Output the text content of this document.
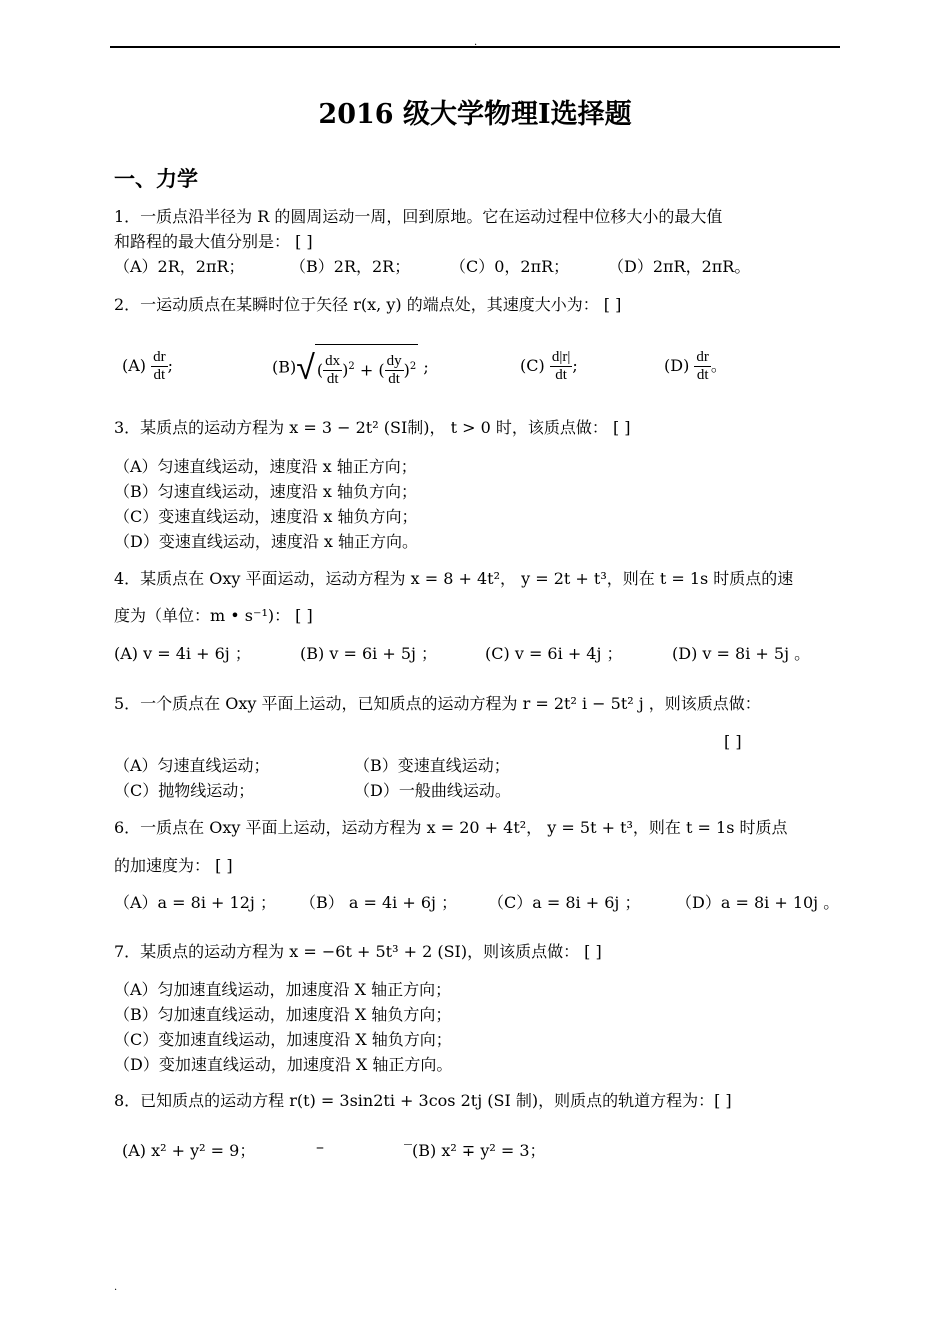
.
2016 级大学物理Ⅰ选择题
一、力学
1．一质点沿半径为 R 的圆周运动一周，回到原地。它在运动过程中位移大小的最大值
和路程的最大值分别是： [ ]
（A）2R，2πR；	（B）2R，2R； （C）0，2πR； （D）2πR，2πR。
2．一运动质点在某瞬时位于矢径 r(x, y) 的端点处，其速度大小为： [ ]
$(A) \frac{dr}{dt}$ ;	(B)√ ( $\frac{dx}{dt} )^2$ + ( $\frac{dy}{dt} )^2$ ;	$(C) \frac{d|r|}{dt}$ ;	$(D) \frac{dr}{dt}$ 。
3．某质点的运动方程为 x = 3 − 2t² (SI制)， t > 0 时，该质点做： [ ]
（A）匀速直线运动，速度沿 x 轴正方向；
（B）匀速直线运动，速度沿 x 轴负方向；
（C）变速直线运动，速度沿 x 轴负方向；
（D）变速直线运动，速度沿 x 轴正方向。
4．某质点在 Oxy 平面运动，运动方程为 x = 8 + 4t²， y = 2t + t³，则在 t = 1s 时质点的速
度为（单位：m • s⁻¹)： [ ]
(A) v = 4i + 6j ；	(B) v = 6i + 5j ；	(C) v = 6i + 4j ；	(D) v = 8i + 5j 。
5．一个质点在 Oxy 平面上运动，已知质点的运动方程为 r = 2t² i − 5t² j ，则该质点做：
[ ]
（A）匀速直线运动；	（B）变速直线运动；
（C）抛物线运动；	（D）一般曲线运动。
6．一质点在 Oxy 平面上运动，运动方程为 x = 20 + 4t²， y = 5t + t³，则在 t = 1s 时质点
的加速度为： [ ]
（A）a = 8i + 12j ； （B） a = 4i + 6j ； （C）a = 8i + 6j ； （D）a = 8i + 10j 。
7．某质点的运动方程为 x = −6t + 5t³ + 2 (SI)，则该质点做： [ ]
（A）匀加速直线运动，加速度沿 X 轴正方向；
（B）匀加速直线运动，加速度沿 X 轴负方向；
（C）变加速直线运动，加速度沿 X 轴负方向；
（D）变加速直线运动，加速度沿 X 轴正方向。
8．已知质点的运动方程 r(t) = 3sin2ti + 3cos 2tj (SI 制)，则质点的轨道方程为：[ ]
(A) x² + y² = 9；	–	‾(B) x² ∓ y² = 3；
.
